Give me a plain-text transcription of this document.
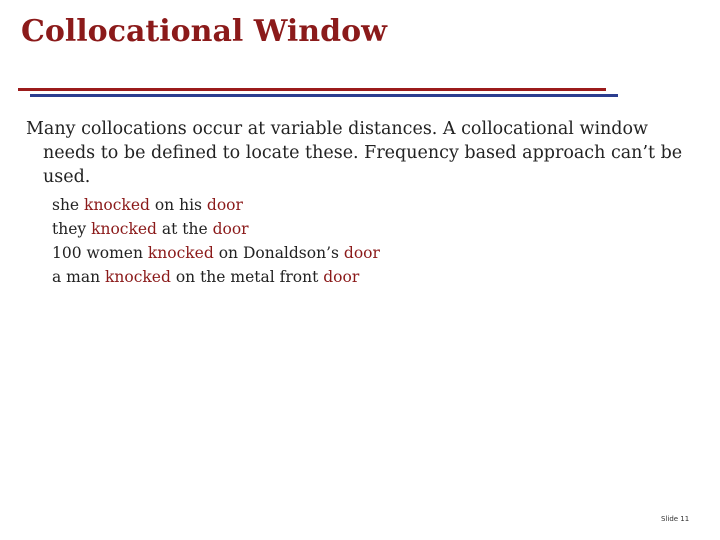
Collocational Window
Many collocations occur at variable distances. A collocational window needs to be defined to locate these. Frequency based approach can’t be used.
she knocked on his door
they knocked at the door
100 women knocked on Donaldson’s door
a man knocked on the metal front door
Slide 11
